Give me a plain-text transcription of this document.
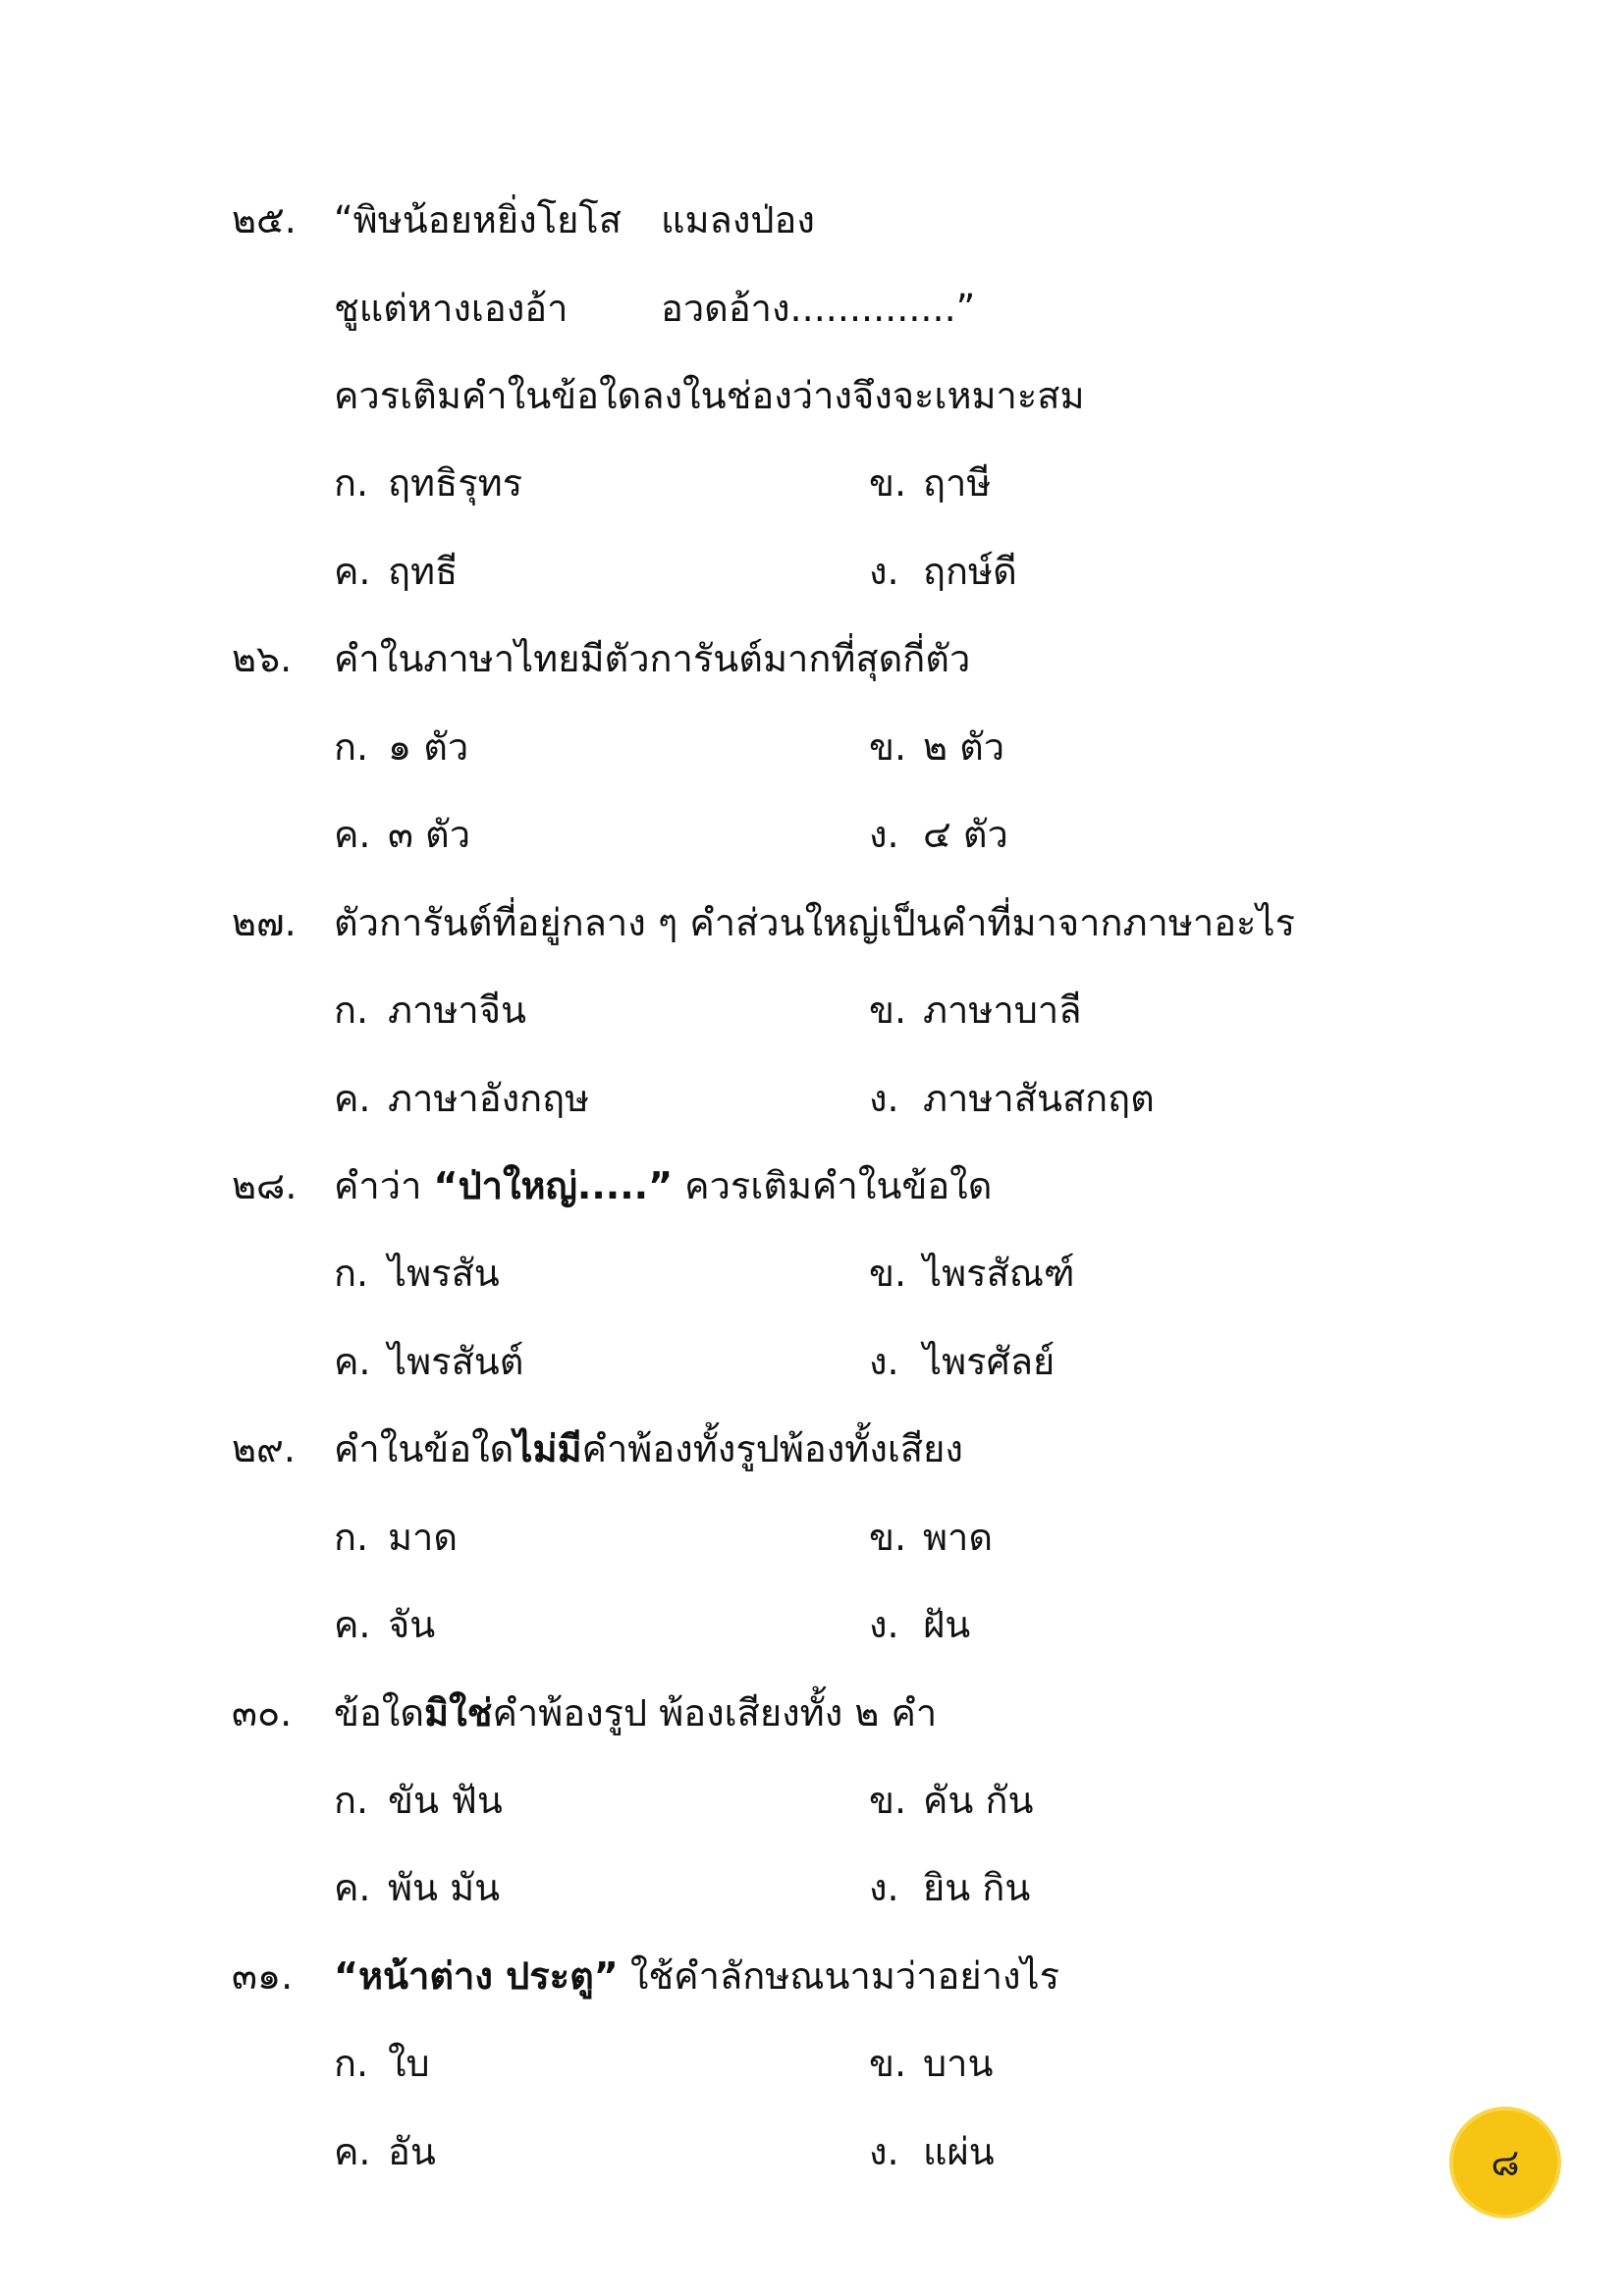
๒๕. “พิษน้อยหยิ่งโยโส แมลงป่อง
ชูแต่หางเองอ้า อวดอ้าง..............”
ควรเติมคำในข้อใดลงในช่องว่างจึงจะเหมาะสม
ก. ฤทธิรุทร	ข. ฤาษี
ค. ฤทธี	ง. ฤกษ์ดี
๒๖. คำในภาษาไทยมีตัวการันต์มากที่สุดกี่ตัว
ก. ๑ ตัว	ข. ๒ ตัว
ค. ๓ ตัว	ง. ๔ ตัว
๒๗. ตัวการันต์ที่อยู่กลาง ๆ คำส่วนใหญ่เป็นคำที่มาจากภาษาอะไร
ก. ภาษาจีน	ข. ภาษาบาลี
ค. ภาษาอังกฤษ	ง. ภาษาสันสกฤต
๒๘. คำว่า “ป่าใหญ่.....” ควรเติมคำในข้อใด
ก. ไพรสัน	ข. ไพรสัณฑ์
ค. ไพรสันต์	ง. ไพรศัลย์
๒๙. คำในข้อใดไม่มีคำพ้องทั้งรูปพ้องทั้งเสียง
ก. มาด	ข. พาด
ค. จัน	ง. ฝัน
๓๐. ข้อใดมิใช่คำพ้องรูป พ้องเสียงทั้ง ๒ คำ
ก. ขัน ฟัน	ข. คัน กัน
ค. พัน มัน	ง. ยิน กิน
๓๑. “หน้าต่าง ประตู” ใช้คำลักษณนามว่าอย่างไร
ก. ใบ	ข. บาน
ค. อัน	ง. แผ่น	๘
